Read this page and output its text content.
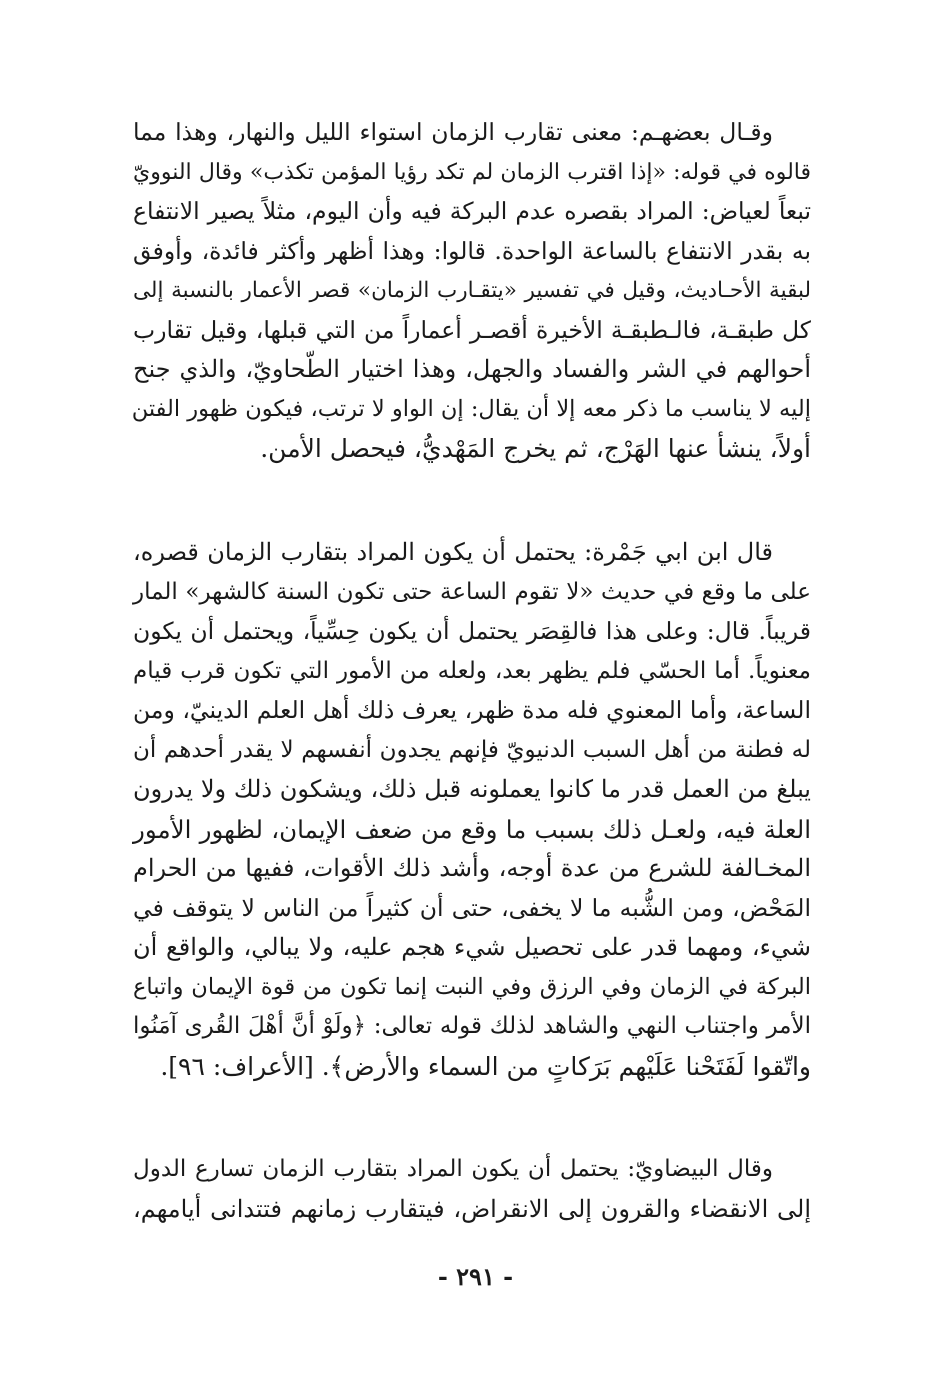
وقـال بعضهـم: معنى تقارب الزمان استواء الليل والنهار، وهذا مما
قالوه في قوله: «إذا اقترب الزمان لم تكد رؤيا المؤمن تكذب» وقال النوويّ
تبعاً لعياض: المراد بقصره عدم البركة فيه وأن اليوم، مثلاً يصير الانتفاع
به بقدر الانتفاع بالساعة الواحدة. قالوا: وهذا أظهر وأكثر فائدة، وأوفق
لبقية الأحـاديث، وقيل في تفسير «يتقـارب الزمان» قصر الأعمار بالنسبة إلى
كل طبقـة، فالـطبقـة الأخيرة أقصـر أعماراً من التي قبلها، وقيل تقارب
أحوالهم في الشر والفساد والجهل، وهذا اختيار الطّحاويّ، والذي جنح
إليه لا يناسب ما ذكر معه إلا أن يقال: إن الواو لا ترتب، فيكون ظهور الفتن
أولاً، ينشأ عنها الهَرْج، ثم يخرج المَهْديُّ، فيحصل الأمن.
قال ابن ابي جَمْرة: يحتمل أن يكون المراد بتقارب الزمان قصره،
على ما وقع في حديث «لا تقوم الساعة حتى تكون السنة كالشهر» المار
قريباً. قال: وعلى هذا فالقِصَر يحتمل أن يكون حِسِّياً، ويحتمل أن يكون
معنوياً. أما الحسّي فلم يظهر بعد، ولعله من الأمور التي تكون قرب قيام
الساعة، وأما المعنوي فله مدة ظهر، يعرف ذلك أهل العلم الدينيّ، ومن
له فطنة من أهل السبب الدنيويّ فإنهم يجدون أنفسهم لا يقدر أحدهم أن
يبلغ من العمل قدر ما كانوا يعملونه قبل ذلك، ويشكون ذلك ولا يدرون
العلة فيه، ولعـل ذلك بسبب ما وقع من ضعف الإيمان، لظهور الأمور
المخـالفة للشرع من عدة أوجه، وأشد ذلك الأقوات، ففيها من الحرام
المَحْض، ومن الشُّبه ما لا يخفى، حتى أن كثيراً من الناس لا يتوقف في
شيء، ومهما قدر على تحصيل شيء هجم عليه، ولا يبالي، والواقع أن
البركة في الزمان وفي الرزق وفي النبت إنما تكون من قوة الإيمان واتباع
الأمر واجتناب النهي والشاهد لذلك قوله تعالى: ﴿ولَوْ أنَّ أهْلَ القُرى آمَنُوا
واتّقوا لَفَتَحْنا عَلَيْهم بَرَكاتٍ من السماء والأرض﴾. [الأعراف: ٩٦].
وقال البيضاويّ: يحتمل أن يكون المراد بتقارب الزمان تسارع الدول
إلى الانقضاء والقرون إلى الانقراض، فيتقارب زمانهم فتتدانى أيامهم،
- ٢٩١ -
